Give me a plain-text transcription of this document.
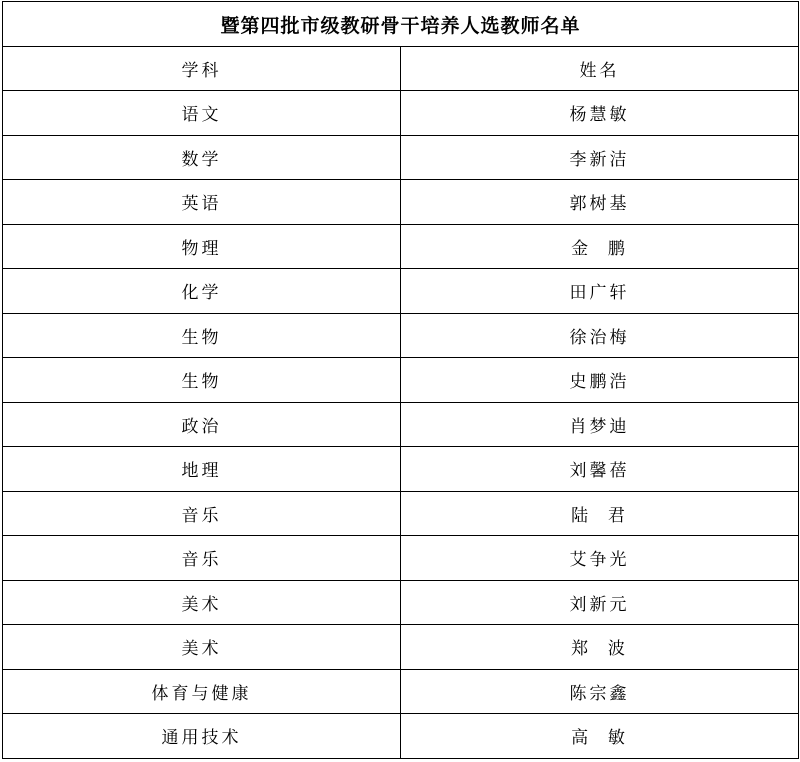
暨第四批市级教研骨干培养人选教师名单	
学科	姓名
语文	杨慧敏
数学	李新洁
英语	郭树基
物理	金  鹏
化学	田广轩
生物	徐治梅
生物	史鹏浩
政治	肖梦迪
地理	刘馨蓓
音乐	陆  君
音乐	艾争光
美术	刘新元
美术	郑  波
体育与健康	陈宗鑫
通用技术	高  敏
